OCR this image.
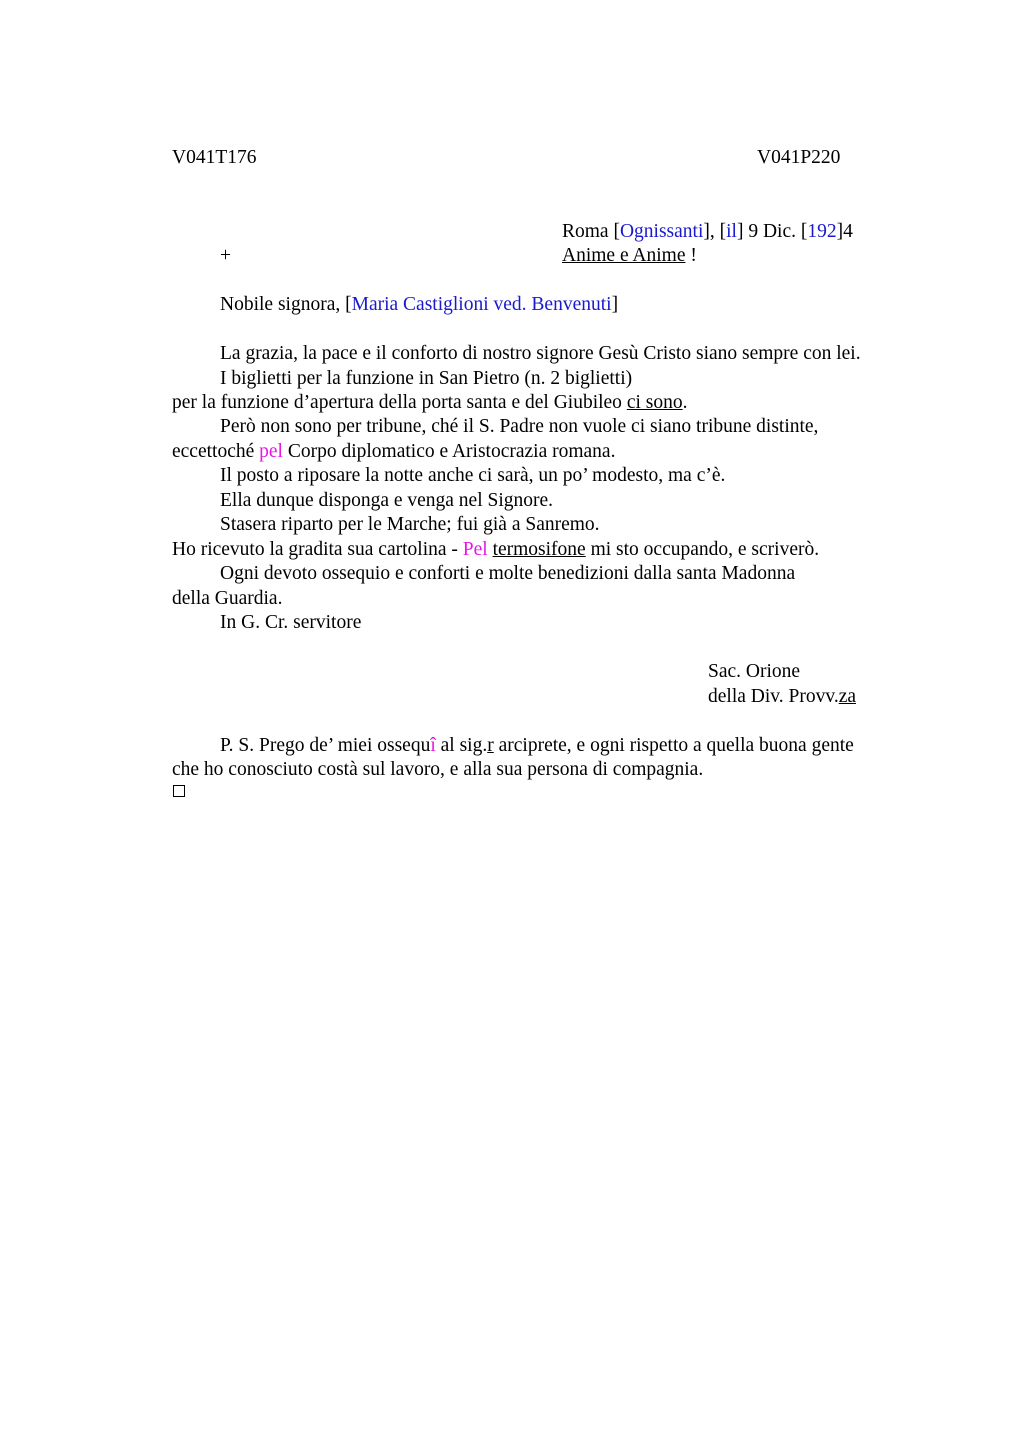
V041T176	V041P220

Roma [Ognissanti], [il] 9 Dic. [192]4

+	Anime e Anime !

Nobile signora, [Maria Castiglioni ved. Benvenuti]

La grazia, la pace e il conforto di nostro signore Gesù Cristo siano sempre con lei.

I biglietti per la funzione in San Pietro (n. 2 biglietti)

per la funzione d’apertura della porta santa e del Giubileo ci sono.

Però non sono per tribune, ché il S. Padre non vuole ci siano tribune distinte,

eccettoché pel Corpo diplomatico e Aristocrazia romana.

Il posto a riposare la notte anche ci sarà, un po’ modesto, ma c’è.

Ella dunque disponga e venga nel Signore.

Stasera riparto per le Marche; fui già a Sanremo.

Ho ricevuto la gradita sua cartolina - Pel termosifone mi sto occupando, e scriverò.

Ogni devoto ossequio e conforti e molte benedizioni dalla santa Madonna

della Guardia.

In G. Cr. servitore

Sac. Orione

della Div. Provv.za

P. S. Prego de’ miei ossequî al sig.r arciprete, e ogni rispetto a quella buona gente

che ho conosciuto costà sul lavoro, e alla sua persona di compagnia.
